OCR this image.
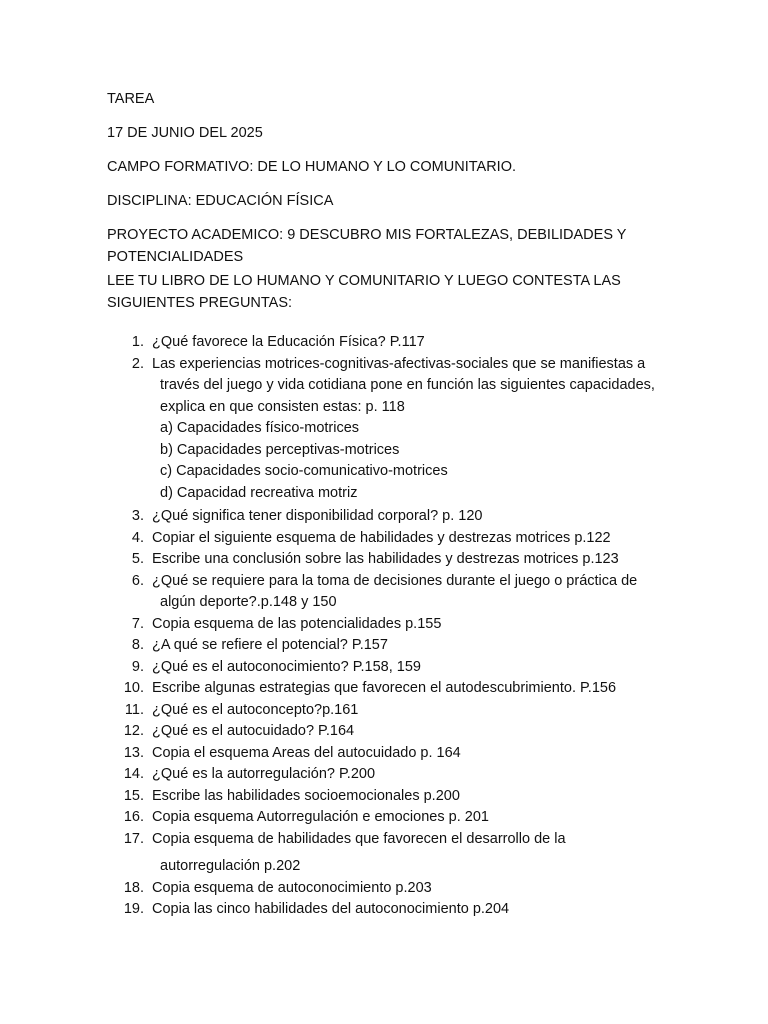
TAREA

17 DE JUNIO DEL 2025

CAMPO FORMATIVO: DE LO HUMANO Y LO COMUNITARIO.

DISCIPLINA: EDUCACIÓN FÍSICA

PROYECTO ACADEMICO: 9 DESCUBRO MIS FORTALEZAS, DEBILIDADES Y POTENCIALIDADES

LEE TU LIBRO DE LO HUMANO Y COMUNITARIO Y LUEGO CONTESTA LAS SIGUIENTES PREGUNTAS:

1. ¿Qué favorece la Educación Física? P.117
2. Las experiencias motrices-cognitivas-afectivas-sociales que se manifiestas a
través del juego y vida cotidiana pone en función las siguientes capacidades, explica en que consisten estas: p. 118
a) Capacidades físico-motrices
b) Capacidades perceptivas-motrices
c) Capacidades socio-comunicativo-motrices
d) Capacidad recreativa motriz
3. ¿Qué significa tener disponibilidad corporal? p. 120
4. Copiar el siguiente esquema de habilidades y destrezas motrices p.122
5. Escribe una conclusión sobre las habilidades y destrezas motrices p.123
6. ¿Qué se requiere para la toma de decisiones durante el juego o práctica de
algún deporte?.p.148 y 150
7. Copia esquema de las potencialidades p.155
8. ¿A qué se refiere el potencial? P.157
9. ¿Qué es el autoconocimiento? P.158, 159
10. Escribe algunas estrategias que favorecen el autodescubrimiento. P.156
11. ¿Qué es el autoconcepto?p.161
12. ¿Qué es el autocuidado? P.164
13. Copia el esquema Areas del autocuidado p. 164
14. ¿Qué es la autorregulación? P.200
15. Escribe las habilidades socioemocionales p.200
16. Copia esquema Autorregulación e emociones p. 201
17. Copia esquema de habilidades que favorecen el desarrollo de la
autorregulación p.202
18. Copia esquema de autoconocimiento p.203
19. Copia las cinco habilidades del autoconocimiento p.204
